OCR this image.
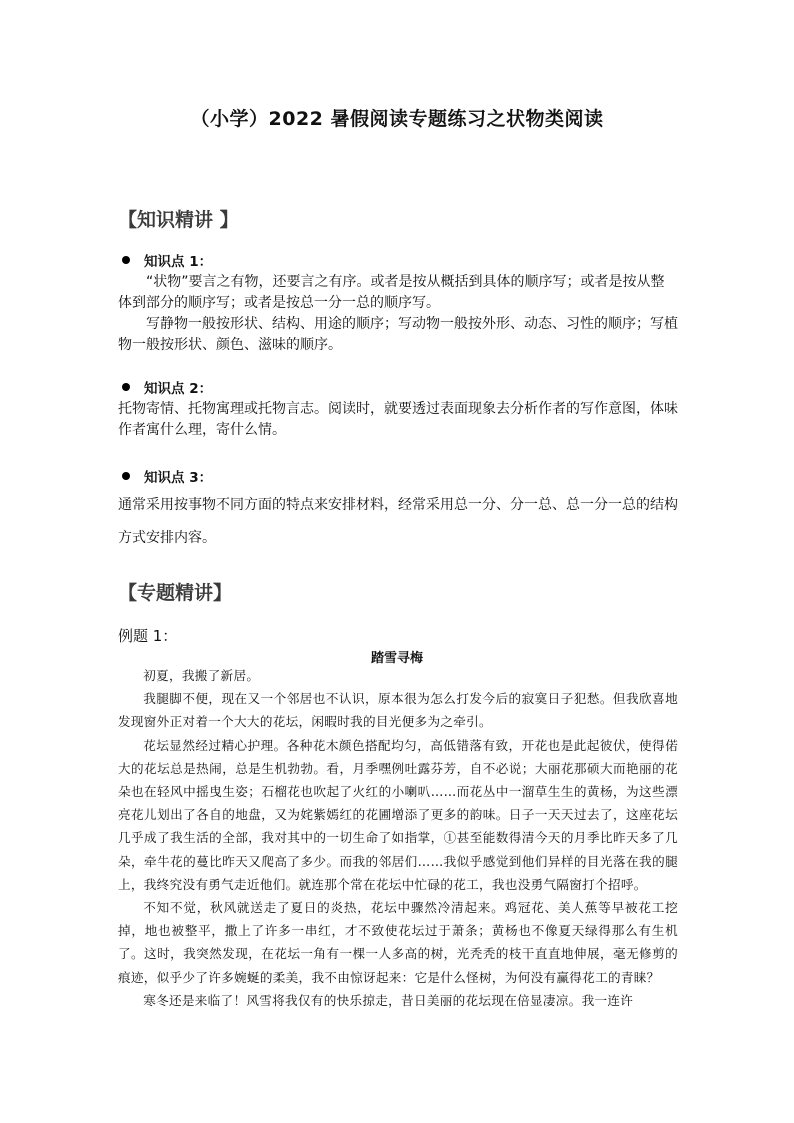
（小学）2022 暑假阅读专题练习之状物类阅读
【知识精讲 】
知识点 1：

“状物”要言之有物，还要言之有序。或者是按从概括到具体的顺序写；或者是按从整体到部分的顺序写；或者是按总一分一总的顺序写。

写静物一般按形状、结构、用途的顺序；写动物一般按外形、动态、习性的顺序；写植物一般按形状、颜色、滋味的顺序。

知识点 2：

托物寄情、托物寓理或托物言志。阅读时，就要透过表面现象去分析作者的写作意图，体味作者寓什么理，寄什么情。

知识点 3：

通常采用按事物不同方面的特点来安排材料，经常采用总一分、分一总、总一分一总的结构方式安排内容。

【专题精讲】
例题 1：
踏雪寻梅

初夏，我搬了新居。

我腿脚不便，现在又一个邻居也不认识，原本很为怎么打发今后的寂寞日子犯愁。但我欣喜地发现窗外正对着一个大大的花坛，闲暇时我的目光便多为之牵引。

花坛显然经过精心护理。各种花木颜色搭配均匀，高低错落有致，开花也是此起彼伏，使得偌大的花坛总是热闹，总是生机勃勃。看，月季嘿例吐露芬芳，自不必说；大丽花那硕大而艳丽的花朵也在轻风中摇曳生姿；石榴花也吹起了火红的小喇叭……而花丛中一溜草生生的黄杨，为这些漂亮花儿划出了各自的地盘，又为姹紫嫣红的花圃增添了更多的韵味。日子一天天过去了，这座花坛几乎成了我生活的全部，我对其中的一切生命了如指掌，①甚至能数得清今天的月季比昨天多了几朵，牵牛花的蔓比昨天又爬高了多少。而我的邻居们……我似乎感觉到他们异样的目光落在我的腿上，我终究没有勇气走近他们。就连那个常在花坛中忙碌的花工，我也没勇气隔窗打个招呼。

不知不觉，秋风就送走了夏日的炎热，花坛中骤然冷清起来。鸡冠花、美人蕉等早被花工挖掉，地也被整平，撒上了许多一串红，才不致使花坛过于萧条；黄杨也不像夏天绿得那么有生机了。这时，我突然发现，在花坛一角有一棵一人多高的树，光秃秃的枝干直直地伸展，毫无修剪的痕迹，似乎少了许多婉蜒的柔美，我不由惊讶起来：它是什么怪树，为何没有赢得花工的青睐？

寒冬还是来临了！风雪将我仅有的快乐掠走，昔日美丽的花坛现在倍显凄凉。我一连许
